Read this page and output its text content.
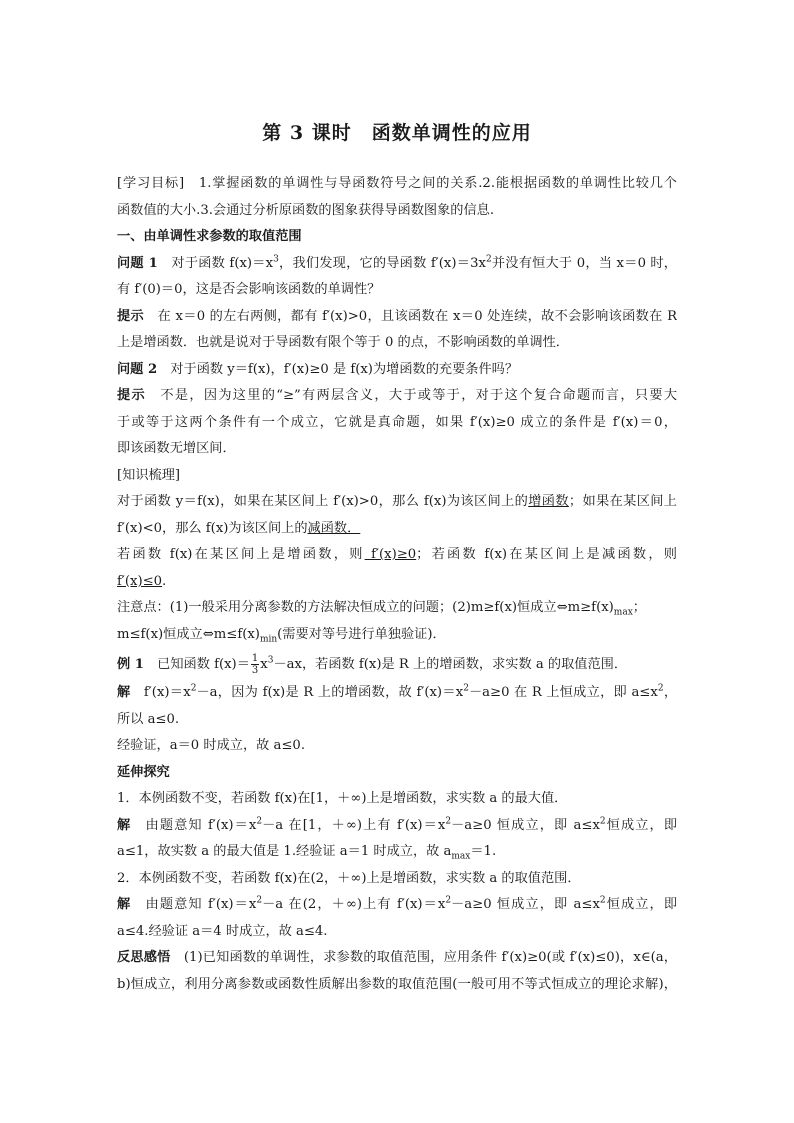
第 3 课时　函数单调性的应用
[学习目标]　1.掌握函数的单调性与导函数符号之间的关系.2.能根据函数的单调性比较几个
函数值的大小.3.会通过分析原函数的图象获得导函数图象的信息.
一、由单调性求参数的取值范围
问题 1　对于函数 $f(x)=x^3$，我们发现，它的导函数 $f'(x)=3x^2$并没有恒大于 0，当 x＝0 时，
有 f′(0)＝0，这是否会影响该函数的单调性？
提示　在 x＝0 的左右两侧，都有 f′(x)>0，且该函数在 x＝0 处连续，故不会影响该函数在 R
上是增函数．也就是说对于导函数有限个等于 0 的点，不影响函数的单调性．
问题 2　对于函数 y＝f(x)，f′(x)≥0 是 f(x)为增函数的充要条件吗？
提示　不是，因为这里的“≥”有两层含义，大于或等于，对于这个复合命题而言，只要大
于或等于这两个条件有一个成立，它就是真命题，如果 f′(x)≥0 成立的条件是 f′(x)＝0，
即该函数无增区间．
[知识梳理]
对于函数 y＝f(x)，如果在某区间上 f′(x)>0，那么 f(x)为该区间上的增函数；如果在某区间上
f′(x)<0，那么 f(x)为该区间上的减函数．
若函数 f(x)在某区间上是增函数，则 f′(x)≥0；若函数 f(x)在某区间上是减函数，则
f′(x)≤0.
注意点：(1)一般采用分离参数的方法解决恒成立的问题；(2)m≥f(x)恒成立$\Leftrightarrow m\ge f(x)_{max}$；
m≤f(x)恒成立$\Leftrightarrow m\le f(x)_{min}$(需要对等号进行单独验证)．
例 1　已知函数 $f(x)= \frac{1}{3} x^3-ax$，若函数 f(x)是 R 上的增函数，求实数 a 的取值范围．
解　$f'(x)=x^2-a$，因为 f(x)是 R 上的增函数，故 $f'(x)=x^2-a\ge 0$ 在 R 上恒成立，即 $a\le x^2$，
所以 a≤0.
经验证，a＝0 时成立，故 a≤0.
延伸探究
1．本例函数不变，若函数 f(x)在[1，＋∞)上是增函数，求实数 a 的最大值．
解　由题意知 $f'(x)=x^2-a$ 在[1，＋∞)上有 $f'(x)=x^2-a\ge 0$ 恒成立，即 $a\le x^2$恒成立，即
a≤1，故实数 a 的最大值是 1.经验证 a＝1 时成立，故 $a_{max}=1$.
2．本例函数不变，若函数 f(x)在(2，＋∞)上是增函数，求实数 a 的取值范围．
解　由题意知 $f'(x)=x^2-a$ 在(2，＋∞)上有 $f'(x)=x^2-a\ge 0$ 恒成立，即 $a\le x^2$恒成立，即
a≤4.经验证 a＝4 时成立，故 a≤4.
反思感悟　(1)已知函数的单调性，求参数的取值范围，应用条件 f′(x)≥0(或 f′(x)≤0)，x∈(a，
b)恒成立，利用分离参数或函数性质解出参数的取值范围(一般可用不等式恒成立的理论求解)，
